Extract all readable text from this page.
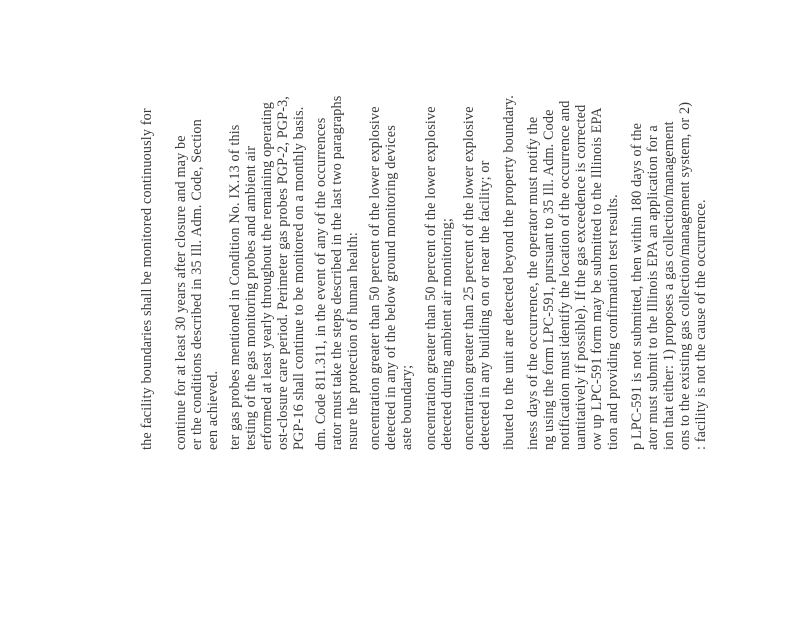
the facility boundaries shall be monitored continuously for continue for at least 30 years after closure and may be er the conditions described in 35 Ill. Adm. Code, Section een achieved. ter gas probes mentioned in Condition No. IX.13 of this testing of the gas monitoring probes and ambient air erformed at least yearly throughout the remaining operating ost-closure care period. Perimeter gas probes PGP-2, PGP-3, PGP-16 shall continue to be monitored on a monthly basis. dm. Code 811.311, in the event of any of the occurrences rator must take the steps described in the last two paragraphs nsure the protection of human health: oncentration greater than 50 percent of the lower explosive detected in any of the below ground monitoring devices aste boundary; oncentration greater than 50 percent of the lower explosive detected during ambient air monitoring; oncentration greater than 25 percent of the lower explosive detected in any building on or near the facility; or ibuted to the unit are detected beyond the property boundary. iness days of the occurrence, the operator must notify the ng using the form LPC-591, pursuant to 35 Ill. Adm. Code notification must identify the location of the occurrence and uantitatively if possible). If the gas exceedence is corrected ow up LPC-591 form may be submitted to the Illinois EPA tion and providing confirmation test results. p LPC-591 is not submitted, then within 180 days of the ator must submit to the Illinois EPA an application for a ion that either: 1) proposes a gas collection/management ons to the existing gas collection/management system, or 2) : facility is not the cause of the occurrence.
